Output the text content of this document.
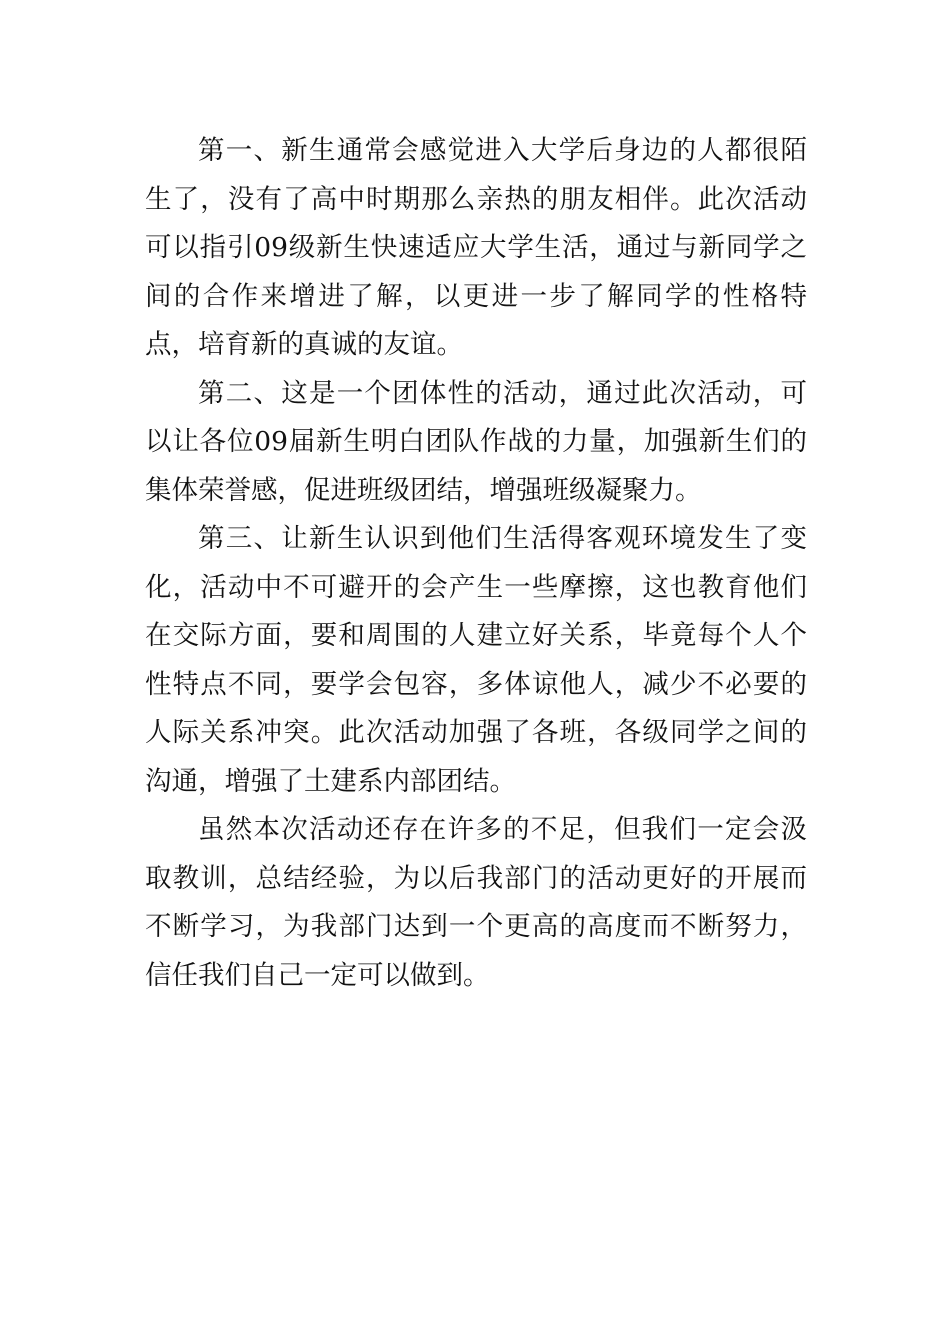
第一、新生通常会感觉进入大学后身边的人都很陌生了，没有了高中时期那么亲热的朋友相伴。此次活动可以指引09级新生快速适应大学生活，通过与新同学之间的合作来增进了解，以更进一步了解同学的性格特点，培育新的真诚的友谊。

第二、这是一个团体性的活动，通过此次活动，可以让各位09届新生明白团队作战的力量，加强新生们的集体荣誉感，促进班级团结，增强班级凝聚力。

第三、让新生认识到他们生活得客观环境发生了变化，活动中不可避开的会产生一些摩擦，这也教育他们在交际方面，要和周围的人建立好关系，毕竟每个人个性特点不同，要学会包容，多体谅他人，减少不必要的人际关系冲突。此次活动加强了各班，各级同学之间的沟通，增强了土建系内部团结。

虽然本次活动还存在许多的不足，但我们一定会汲取教训，总结经验，为以后我部门的活动更好的开展而不断学习，为我部门达到一个更高的高度而不断努力，信任我们自己一定可以做到。
